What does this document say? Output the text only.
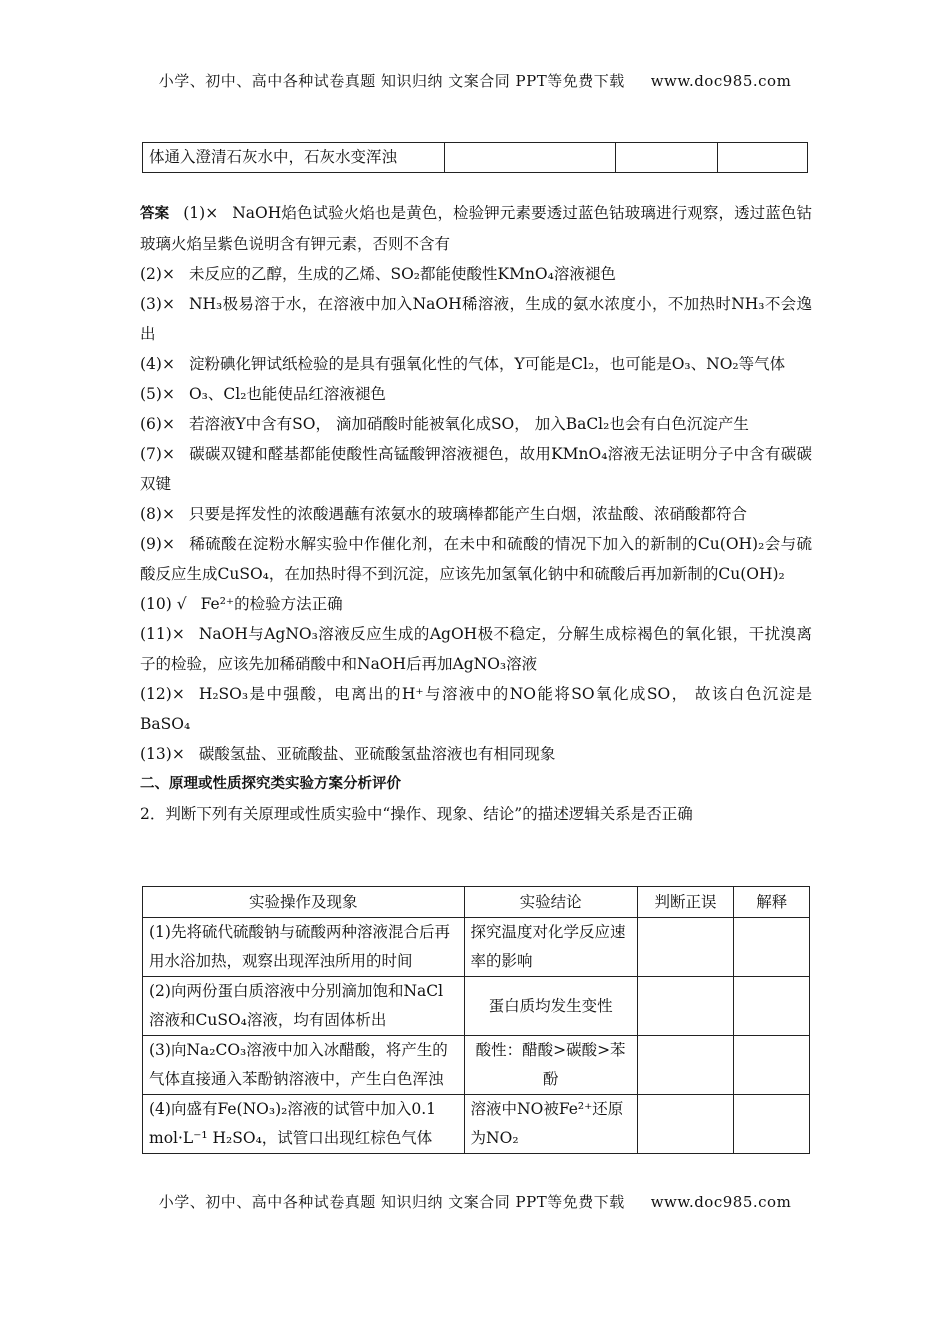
小学、初中、高中各种试卷真题 知识归纳 文案合同 PPT等免费下载 www.doc985.com
体通入澄清石灰水中，石灰水变浑浊			

答案 (1)× NaOH焰色试验火焰也是黄色，检验钾元素要透过蓝色钴玻璃进行观察，透过蓝色钴玻璃火焰呈紫色说明含有钾元素，否则不含有

(2)× 未反应的乙醇，生成的乙烯、SO₂都能使酸性KMnO₄溶液褪色

(3)× NH₃极易溶于水，在溶液中加入NaOH稀溶液，生成的氨水浓度小，不加热时NH₃不会逸出

(4)× 淀粉碘化钾试纸检验的是具有强氧化性的气体，Y可能是Cl₂，也可能是O₃、NO₂等气体

(5)× O₃、Cl₂也能使品红溶液褪色

(6)× 若溶液Y中含有SO， 滴加硝酸时能被氧化成SO， 加入BaCl₂也会有白色沉淀产生

(7)× 碳碳双键和醛基都能使酸性高锰酸钾溶液褪色，故用KMnO₄溶液无法证明分子中含有碳碳双键

(8)× 只要是挥发性的浓酸遇蘸有浓氨水的玻璃棒都能产生白烟，浓盐酸、浓硝酸都符合

(9)× 稀硫酸在淀粉水解实验中作催化剂，在未中和硫酸的情况下加入的新制的Cu(OH)₂会与硫酸反应生成CuSO₄，在加热时得不到沉淀，应该先加氢氧化钠中和硫酸后再加新制的Cu(OH)₂

(10) √ Fe²⁺的检验方法正确

(11)× NaOH与AgNO₃溶液反应生成的AgOH极不稳定，分解生成棕褐色的氧化银，干扰溴离子的检验，应该先加稀硝酸中和NaOH后再加AgNO₃溶液

(12)× H₂SO₃是中强酸，电离出的H⁺与溶液中的NO能将SO氧化成SO， 故该白色沉淀是BaSO₄

(13)× 碳酸氢盐、亚硫酸盐、亚硫酸氢盐溶液也有相同现象

二、原理或性质探究类实验方案分析评价

2．判断下列有关原理或性质实验中“操作、现象、结论”的描述逻辑关系是否正确

实验操作及现象	实验结论	判断正误	解释
(1)先将硫代硫酸钠与硫酸两种溶液混合后再用水浴加热，观察出现浑浊所用的时间	探究温度对化学反应速率的影响		
(2)向两份蛋白质溶液中分别滴加饱和NaCl溶液和CuSO₄溶液，均有固体析出	蛋白质均发生变性		
(3)向Na₂CO₃溶液中加入冰醋酸，将产生的气体直接通入苯酚钠溶液中，产生白色浑浊	酸性：醋酸>碳酸>苯酚		
(4)向盛有Fe(NO₃)₂溶液的试管中加入0.1 mol·L⁻¹ H₂SO₄，试管口出现红棕色气体	溶液中NO被Fe²⁺还原为NO₂		
小学、初中、高中各种试卷真题 知识归纳 文案合同 PPT等免费下载 www.doc985.com
